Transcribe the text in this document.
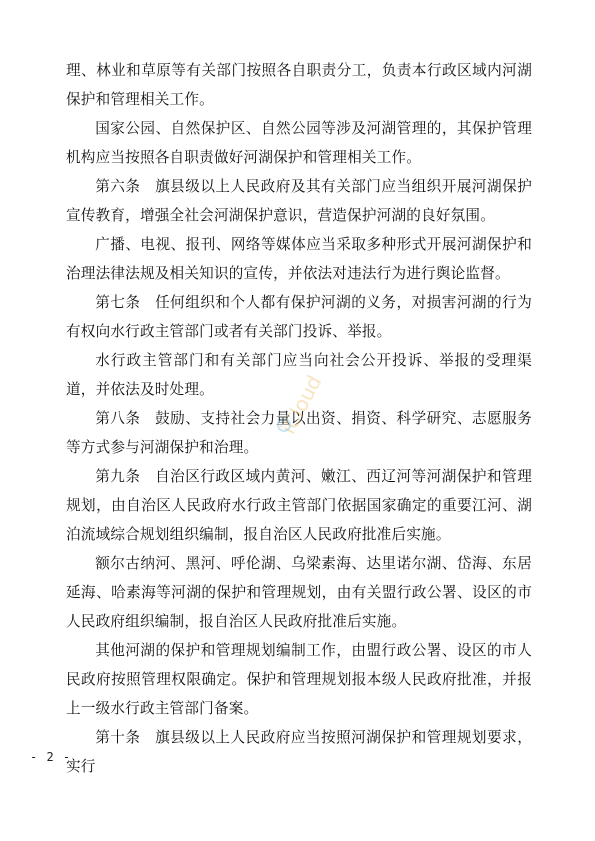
理、林业和草原等有关部门按照各自职责分工，负责本行政区域内河湖保护和管理相关工作。

国家公园、自然保护区、自然公园等涉及河湖管理的，其保护管理机构应当按照各自职责做好河湖保护和管理相关工作。

第六条 旗县级以上人民政府及其有关部门应当组织开展河湖保护宣传教育，增强全社会河湖保护意识，营造保护河湖的良好氛围。

广播、电视、报刊、网络等媒体应当采取多种形式开展河湖保护和治理法律法规及相关知识的宣传，并依法对违法行为进行舆论监督。

第七条 任何组织和个人都有保护河湖的义务，对损害河湖的行为有权向水行政主管部门或者有关部门投诉、举报。

水行政主管部门和有关部门应当向社会公开投诉、举报的受理渠道，并依法及时处理。

第八条 鼓励、支持社会力量以出资、捐资、科学研究、志愿服务等方式参与河湖保护和治理。

第九条 自治区行政区域内黄河、嫩江、西辽河等河湖保护和管理规划，由自治区人民政府水行政主管部门依据国家确定的重要江河、湖泊流域综合规划组织编制，报自治区人民政府批准后实施。

额尔古纳河、黑河、呼伦湖、乌梁素海、达里诺尔湖、岱海、东居延海、哈素海等河湖的保护和管理规划，由有关盟行政公署、设区的市人民政府组织编制，报自治区人民政府批准后实施。

其他河湖的保护和管理规划编制工作，由盟行政公署、设区的市人民政府按照管理权限确定。保护和管理规划报本级人民政府批准，并报上一级水行政主管部门备案。

第十条 旗县级以上人民政府应当按照河湖保护和管理规划要求，实行

- 2 -
iCloud
